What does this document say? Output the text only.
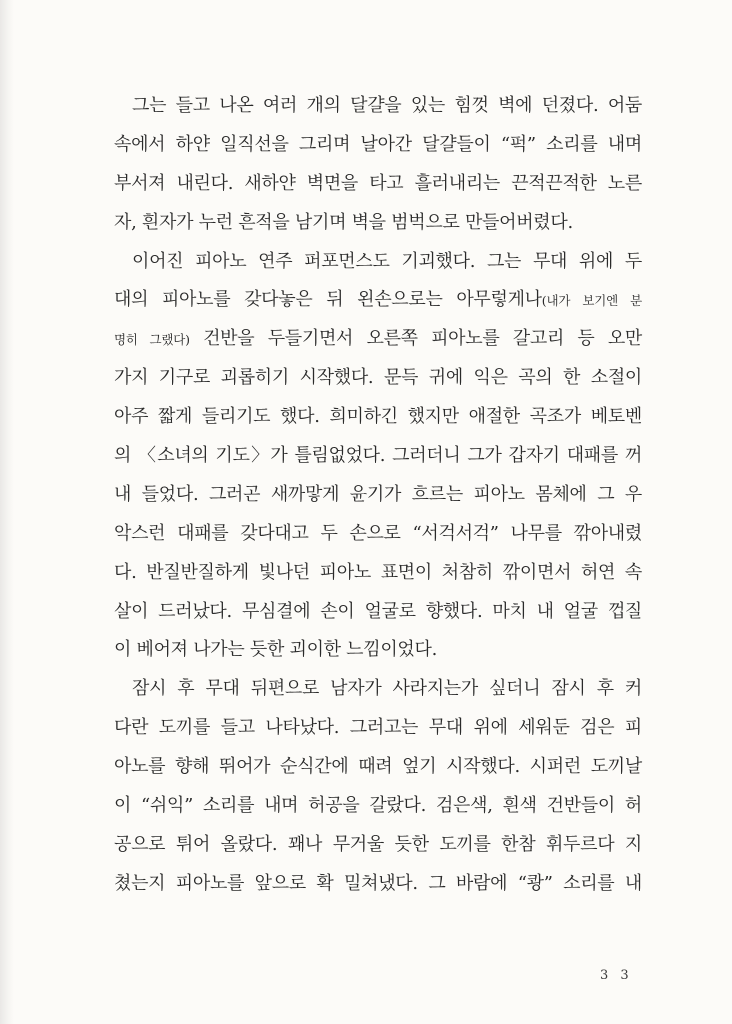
그는 들고 나온 여러 개의 달걀을 있는 힘껏 벽에 던졌다. 어둠
속에서 하얀 일직선을 그리며 날아간 달걀들이 “퍽” 소리를 내며
부서져 내린다. 새하얀 벽면을 타고 흘러내리는 끈적끈적한 노른
자, 흰자가 누런 흔적을 남기며 벽을 범벅으로 만들어버렸다.
이어진 피아노 연주 퍼포먼스도 기괴했다. 그는 무대 위에 두
대의 피아노를 갖다놓은 뒤 왼손으로는 아무렇게나(내가 보기엔 분
명히 그랬다) 건반을 두들기면서 오른쪽 피아노를 갈고리 등 오만
가지 기구로 괴롭히기 시작했다. 문득 귀에 익은 곡의 한 소절이
아주 짧게 들리기도 했다. 희미하긴 했지만 애절한 곡조가 베토벤
의 〈소녀의 기도〉가 틀림없었다. 그러더니 그가 갑자기 대패를 꺼
내 들었다. 그러곤 새까맣게 윤기가 흐르는 피아노 몸체에 그 우
악스런 대패를 갖다대고 두 손으로 “서걱서걱” 나무를 깎아내렸
다. 반질반질하게 빛나던 피아노 표면이 처참히 깎이면서 허연 속
살이 드러났다. 무심결에 손이 얼굴로 향했다. 마치 내 얼굴 껍질
이 베어져 나가는 듯한 괴이한 느낌이었다.
잠시 후 무대 뒤편으로 남자가 사라지는가 싶더니 잠시 후 커
다란 도끼를 들고 나타났다. 그러고는 무대 위에 세워둔 검은 피
아노를 향해 뛰어가 순식간에 때려 엎기 시작했다. 시퍼런 도끼날
이 “쉬익” 소리를 내며 허공을 갈랐다. 검은색, 흰색 건반들이 허
공으로 튀어 올랐다. 꽤나 무거울 듯한 도끼를 한참 휘두르다 지
쳤는지 피아노를 앞으로 확 밀쳐냈다. 그 바람에 “쾅” 소리를 내
3 3
